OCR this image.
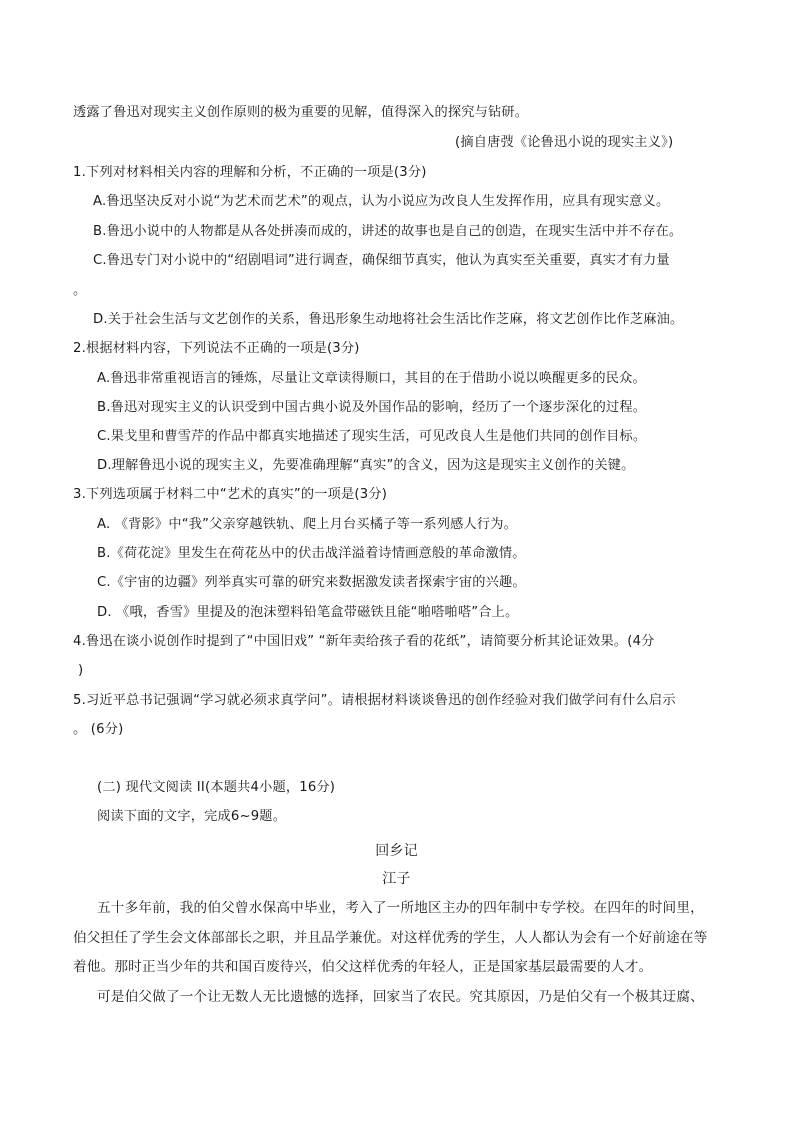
透露了鲁迅对现实主义创作原则的极为重要的见解，值得深入的探究与钻研。
(摘自唐弢《论鲁迅小说的现实主义》)
1.下列对材料相关内容的理解和分析，不正确的一项是(3分)
A.鲁迅坚决反对小说“为艺术而艺术”的观点，认为小说应为改良人生发挥作用，应具有现实意义。
B.鲁迅小说中的人物都是从各处拼凑而成的，讲述的故事也是自己的创造，在现实生活中并不存在。
C.鲁迅专门对小说中的“绍剧唱词”进行调查，确保细节真实，他认为真实至关重要，真实才有力量
。
D.关于社会生活与文艺创作的关系，鲁迅形象生动地将社会生活比作芝麻，将文艺创作比作芝麻油。
2.根据材料内容，下列说法不正确的一项是(3分)
A.鲁迅非常重视语言的锤炼，尽量让文章读得顺口，其目的在于借助小说以唤醒更多的民众。
B.鲁迅对现实主义的认识受到中国古典小说及外国作品的影响，经历了一个逐步深化的过程。
C.果戈里和曹雪芹的作品中都真实地描述了现实生活，可见改良人生是他们共同的创作目标。
D.理解鲁迅小说的现实主义，先要准确理解“真实”的含义，因为这是现实主义创作的关键。
3.下列选项属于材料二中“艺术的真实”的一项是(3分)
A. 《背影》中“我”父亲穿越铁轨、爬上月台买橘子等一系列感人行为。
B.《荷花淀》里发生在荷花丛中的伏击战洋溢着诗情画意般的革命激情。
C.《宇宙的边疆》列举真实可靠的研究来数据激发读者探索宇宙的兴趣。
D. 《哦，香雪》里提及的泡沫塑料铅笔盒带磁铁且能“啪嗒啪嗒”合上。
4.鲁迅在谈小说创作时提到了“中国旧戏” “新年卖给孩子看的花纸”，请简要分析其论证效果。(4分
)
5.习近平总书记强调“学习就必须求真学问”。请根据材料谈谈鲁迅的创作经验对我们做学问有什么启示
。 (6分)
(二) 现代文阅读 II(本题共4小题，16分)
阅读下面的文字，完成6~9题。
回乡记
江子
五十多年前，我的伯父曾水保高中毕业，考入了一所地区主办的四年制中专学校。在四年的时间里，
伯父担任了学生会文体部部长之职，并且品学兼优。对这样优秀的学生，人人都认为会有一个好前途在等
着他。那时正当少年的共和国百废待兴，伯父这样优秀的年轻人，正是国家基层最需要的人才。
可是伯父做了一个让无数人无比遗憾的选择，回家当了农民。究其原因，乃是伯父有一个极其迂腐、
